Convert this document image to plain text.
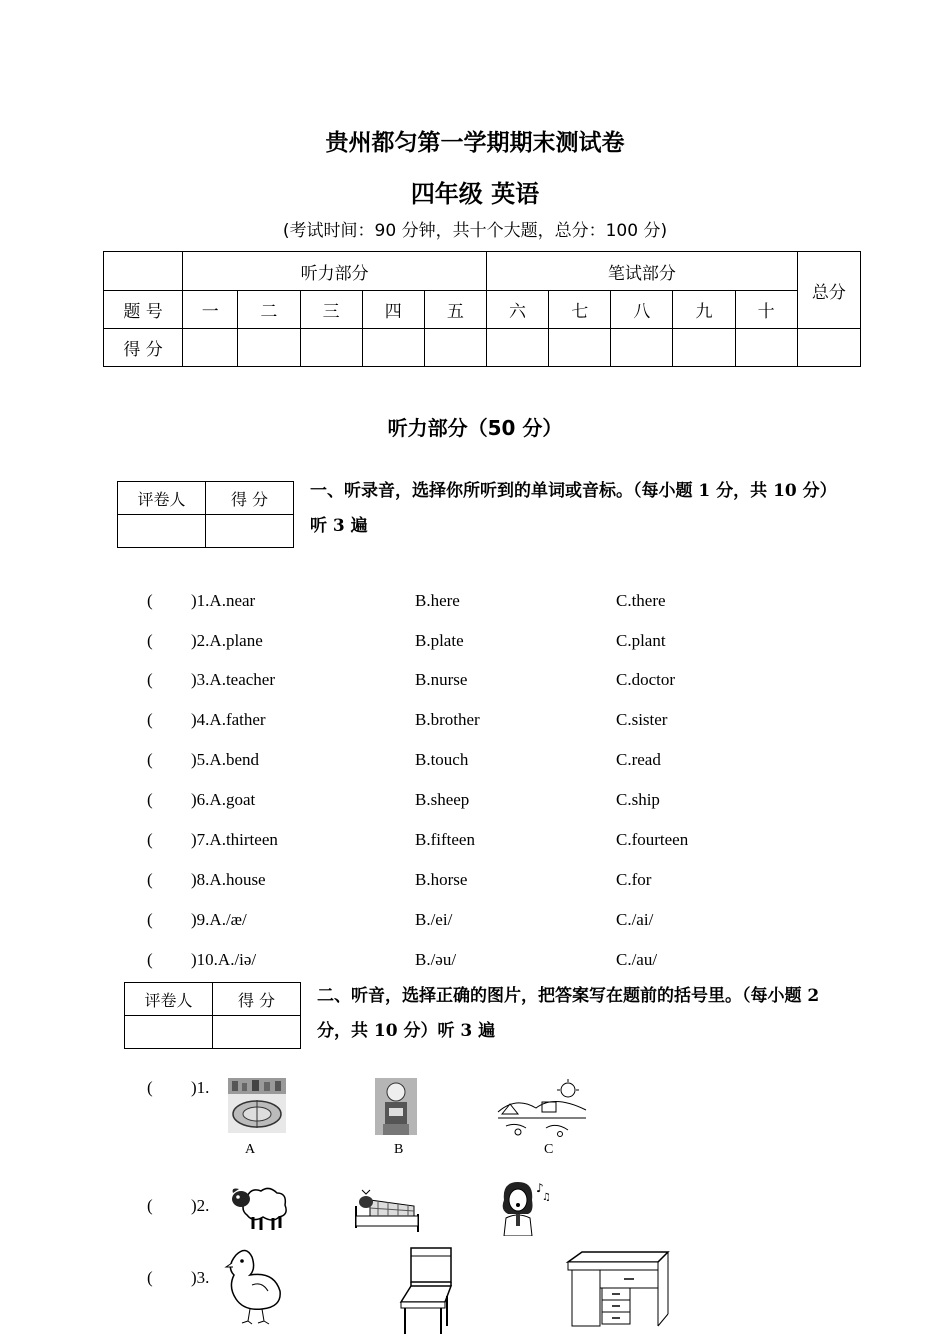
贵州都匀第一学期期末测试卷
四年级 英语
(考试时间：90 分钟，共十个大题，总分：100 分)
	听力部分					笔试部分					总分
题 号	一	二	三	四	五	六	七	八	九	十	
得 分											
听力部分（50 分）
评卷人	得 分
	一、听录音，选择你所听到的单词或音标。（每小题 1 分，共 10 分）听 3 遍
( )1.A.near	B.here	C.there
( )2.A.plane	B.plate	C.plant
( )3.A.teacher	B.nurse	C.doctor
( )4.A.father	B.brother	C.sister
( )5.A.bend	B.touch	C.read
( )6.A.goat	B.sheep	C.ship
( )7.A.thirteen	B.fifteen	C.fourteen
( )8.A.house	B.horse	C.for
( )9.A./æ/	B./ei/	C./ai/
( )10.A./iə/	B./əu/	C./au/
评卷人	得 分
	二、听音，选择正确的图片，把答案写在题前的括号里。（每小题 2 分，共 10 分）听 3 遍
( )1.
A	B	C
( )2.
♪
♫
( )3.
